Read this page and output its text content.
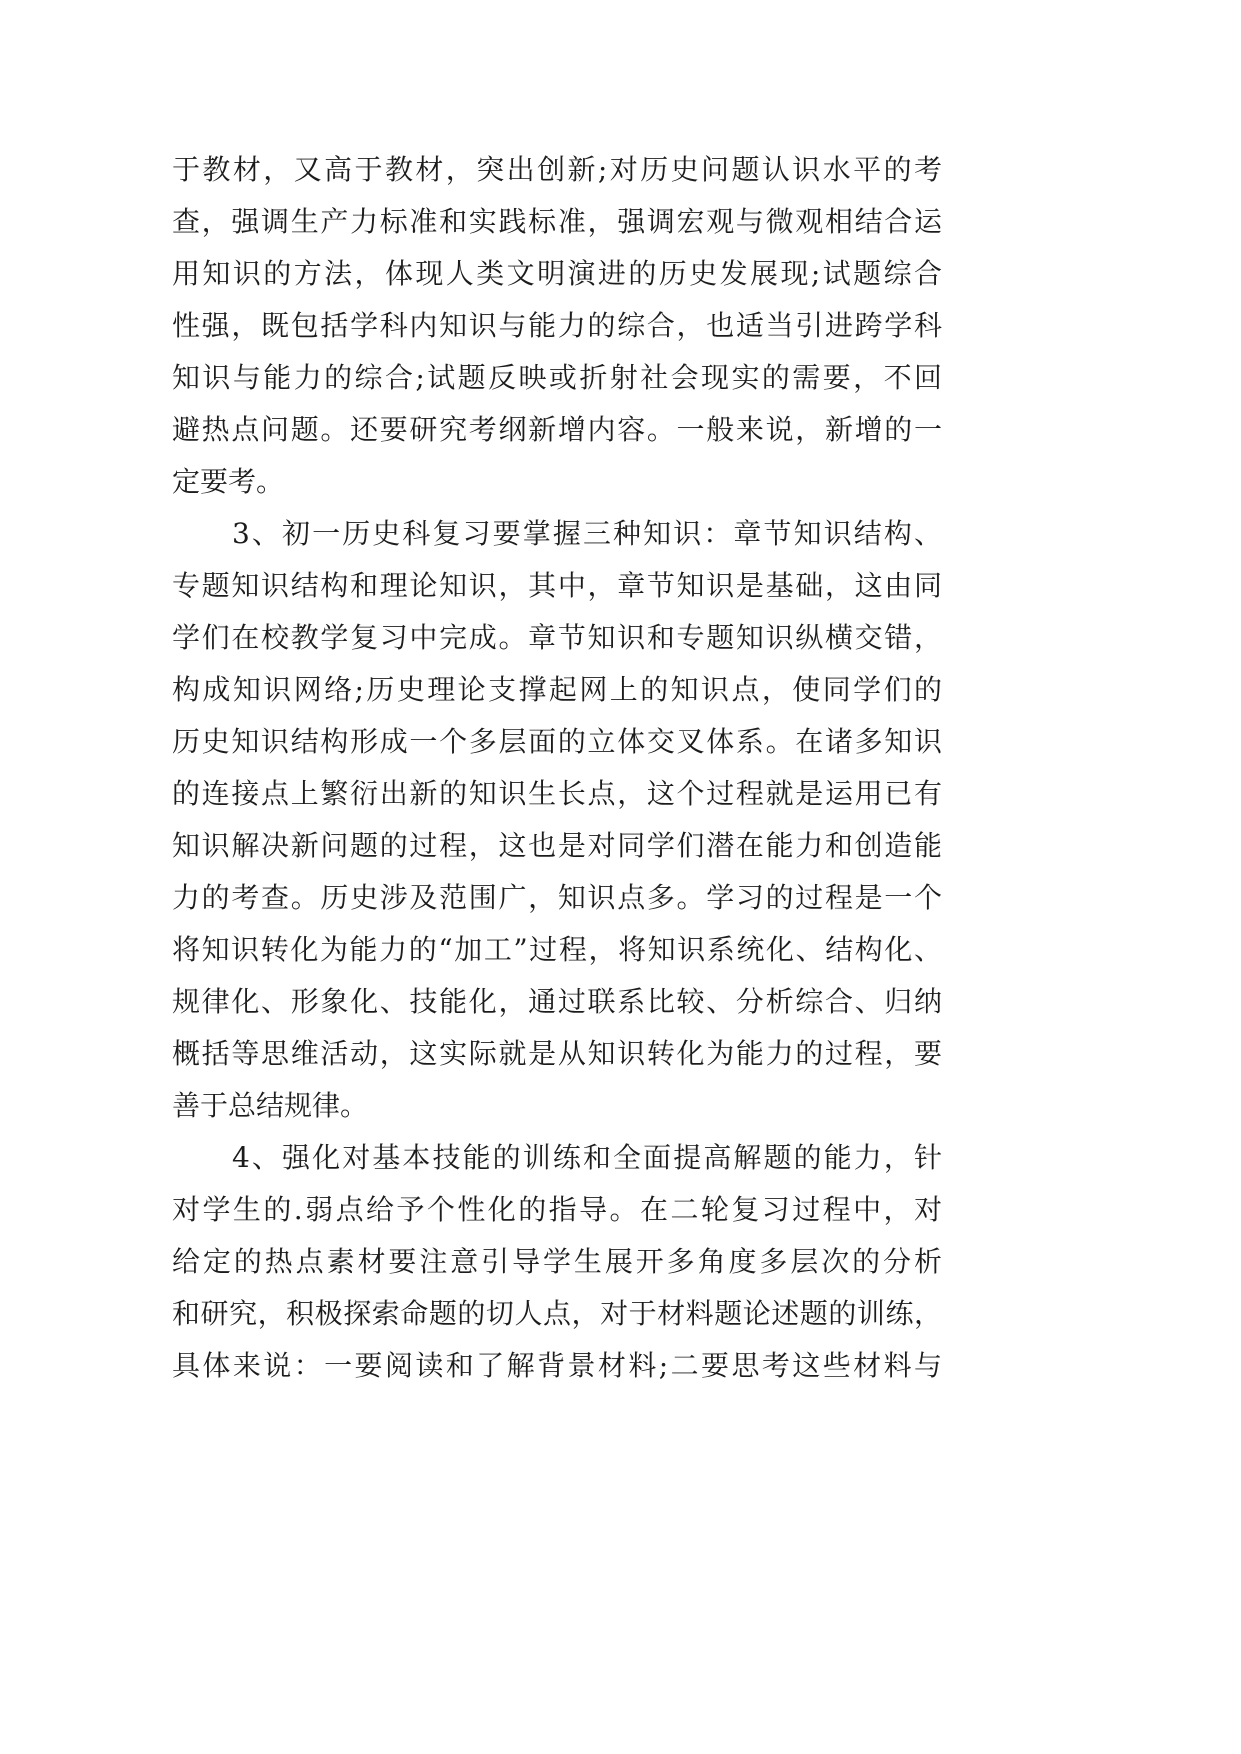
于教材，又高于教材，突出创新;对历史问题认识水平的考
查，强调生产力标准和实践标准，强调宏观与微观相结合运
用知识的方法，体现人类文明演进的历史发展现;试题综合
性强，既包括学科内知识与能力的综合，也适当引进跨学科
知识与能力的综合;试题反映或折射社会现实的需要，不回
避热点问题。还要研究考纲新增内容。一般来说，新增的一
定要考。
3、初一历史科复习要掌握三种知识：章节知识结构、
专题知识结构和理论知识，其中，章节知识是基础，这由同
学们在校教学复习中完成。章节知识和专题知识纵横交错，
构成知识网络;历史理论支撑起网上的知识点，使同学们的
历史知识结构形成一个多层面的立体交叉体系。在诸多知识
的连接点上繁衍出新的知识生长点，这个过程就是运用已有
知识解决新问题的过程，这也是对同学们潜在能力和创造能
力的考查。历史涉及范围广，知识点多。学习的过程是一个
将知识转化为能力的“加工”过程，将知识系统化、结构化、
规律化、形象化、技能化，通过联系比较、分析综合、归纳
概括等思维活动，这实际就是从知识转化为能力的过程，要
善于总结规律。
4、强化对基本技能的训练和全面提高解题的能力，针
对学生的.弱点给予个性化的指导。在二轮复习过程中，对
给定的热点素材要注意引导学生展开多角度多层次的分析
和研究，积极探索命题的切人点，对于材料题论述题的训练，
具体来说：一要阅读和了解背景材料;二要思考这些材料与
